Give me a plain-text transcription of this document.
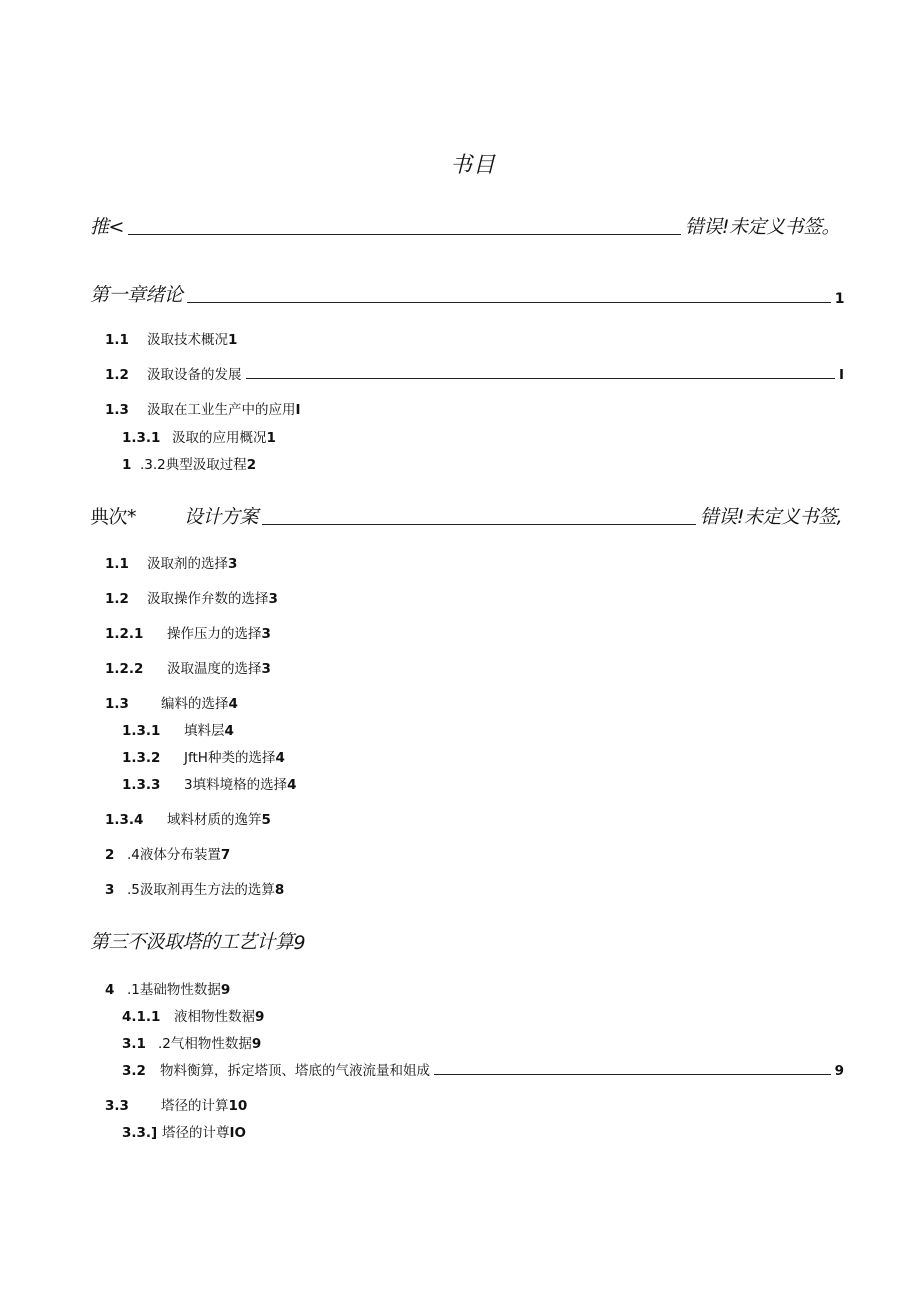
书目
推<	错误!未定义书签。
第一章绪论	1
1.1	汲取技术概况 1
1.2	汲取设备的发展	I
1.3	汲取在工业生产中的应用 I
1.3.1 汲取的应用概况 1
1 .3.2典型汲取过程 2
典次*	设计方案	错误!未定义书签,
1.1	汲取剂的选择 3
1.2	汲取操作弁数的选择 3
1.2.1	操作压力的选择 3
1.2.2	汲取温度的选择 3
1.3	编料的选择 4
1.3.1	填料层 4
1.3.2	JftH种类的选择 4
1.3.3	3填料境格的选择 4
1.3.4	域料材质的逸笄 5
2 .4液体分布装置 7
3 .5汲取剂再生方法的选算 8
第三不汲取塔的工艺计算 9
4 .1基础物性数据 9
4.1.1	液相物性数裾 9
3.1 .2气相物性数据 9
3.2	物料衡算，拆定塔顶、塔底的气液流量和姐成	9
3.3	塔径的计算 10
3.3.] 塔径的计尊 IO
